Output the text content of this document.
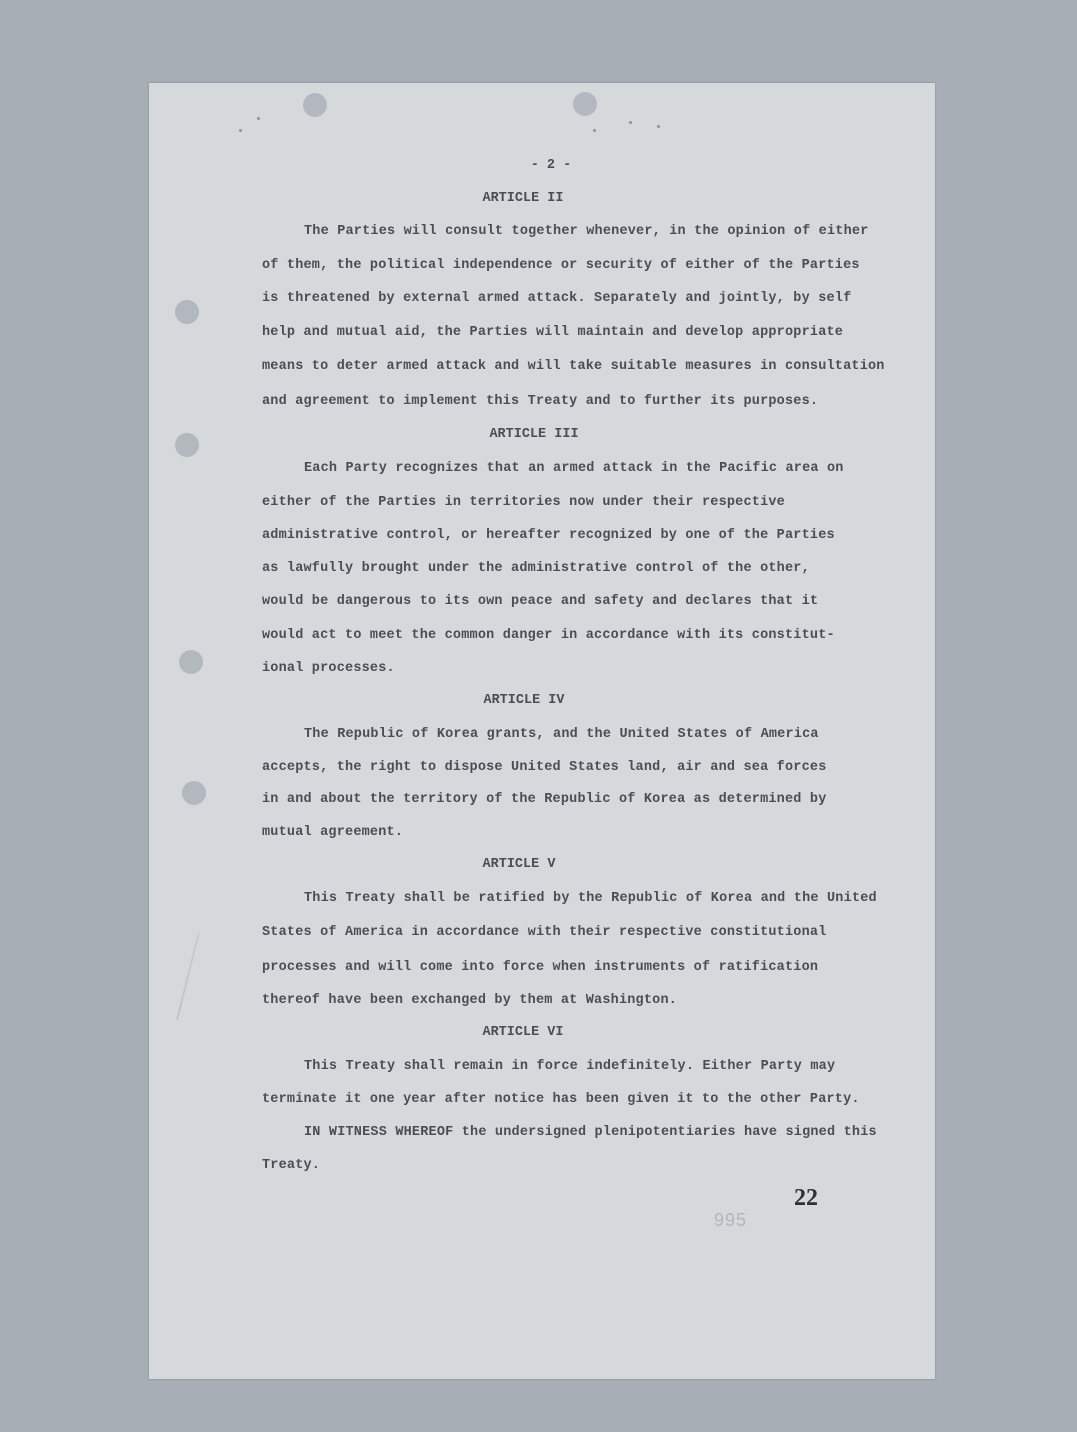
- 2 -
ARTICLE II
The Parties will consult together whenever, in the opinion of either
of them, the political independence or security of either of the Parties
is threatened by external armed attack. Separately and jointly, by self
help and mutual aid, the Parties will maintain and develop appropriate
means to deter armed attack and will take suitable measures in consultation
and agreement to implement this Treaty and to further its purposes.
ARTICLE III
Each Party recognizes that an armed attack in the Pacific area on
either of the Parties in territories now under their respective
administrative control, or hereafter recognized by one of the Parties
as lawfully brought under the administrative control of the other,
would be dangerous to its own peace and safety and declares that it
would act to meet the common danger in accordance with its constitut-
ional processes.
ARTICLE IV
The Republic of Korea grants, and the United States of America
accepts, the right to dispose United States land, air and sea forces
in and about the territory of the Republic of Korea as determined by
mutual agreement.
ARTICLE V
This Treaty shall be ratified by the Republic of Korea and the United
States of America in accordance with their respective constitutional
processes and will come into force when instruments of ratification
thereof have been exchanged by them at Washington.
ARTICLE VI
This Treaty shall remain in force indefinitely. Either Party may
terminate it one year after notice has been given it to the other Party.
IN WITNESS WHEREOF the undersigned plenipotentiaries have signed this
Treaty.
995
22
